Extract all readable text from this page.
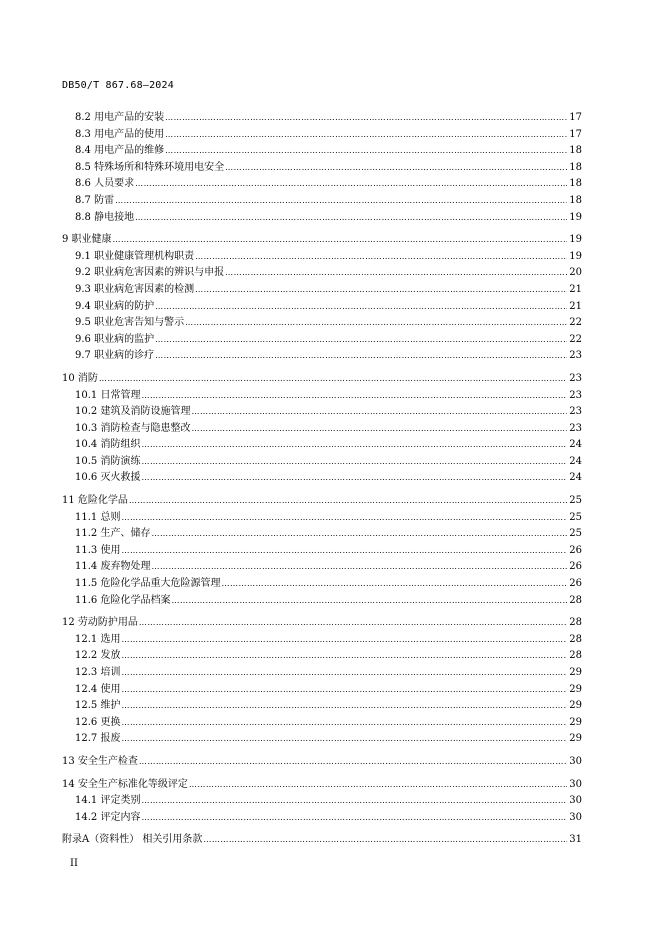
DB50/T 867.68—2024
8.2 用电产品的安装 …………………………………………………………………………………………………………………………………………………………………………………………………………………………………………………………………	17
8.3 用电产品的使用 …………………………………………………………………………………………………………………………………………………………………………………………………………………………………………………………………	17
8.4 用电产品的维修 …………………………………………………………………………………………………………………………………………………………………………………………………………………………………………………………………	18
8.5 特殊场所和特殊环境用电安全 …………………………………………………………………………………………………………………………………………………………………………………………………………………………………………………………………	18
8.6 人员要求 …………………………………………………………………………………………………………………………………………………………………………………………………………………………………………………………………	18
8.7 防雷 …………………………………………………………………………………………………………………………………………………………………………………………………………………………………………………………………	18
8.8 静电接地 …………………………………………………………………………………………………………………………………………………………………………………………………………………………………………………………………	19
9 职业健康 …………………………………………………………………………………………………………………………………………………………………………………………………………………………………………………………………	19
9.1 职业健康管理机构职责 …………………………………………………………………………………………………………………………………………………………………………………………………………………………………………………………………	19
9.2 职业病危害因素的辨识与申报 …………………………………………………………………………………………………………………………………………………………………………………………………………………………………………………………………	20
9.3 职业病危害因素的检测 …………………………………………………………………………………………………………………………………………………………………………………………………………………………………………………………………	21
9.4 职业病的防护 …………………………………………………………………………………………………………………………………………………………………………………………………………………………………………………………………	21
9.5 职业危害告知与警示 …………………………………………………………………………………………………………………………………………………………………………………………………………………………………………………………………	22
9.6 职业病的监护 …………………………………………………………………………………………………………………………………………………………………………………………………………………………………………………………………	22
9.7 职业病的诊疗 …………………………………………………………………………………………………………………………………………………………………………………………………………………………………………………………………	23
10 消防 …………………………………………………………………………………………………………………………………………………………………………………………………………………………………………………………………	23
10.1 日常管理 …………………………………………………………………………………………………………………………………………………………………………………………………………………………………………………………………	23
10.2 建筑及消防设施管理 …………………………………………………………………………………………………………………………………………………………………………………………………………………………………………………………………	23
10.3 消防检查与隐患整改 …………………………………………………………………………………………………………………………………………………………………………………………………………………………………………………………………	23
10.4 消防组织 …………………………………………………………………………………………………………………………………………………………………………………………………………………………………………………………………	24
10.5 消防演练 …………………………………………………………………………………………………………………………………………………………………………………………………………………………………………………………………	24
10.6 灭火救援 …………………………………………………………………………………………………………………………………………………………………………………………………………………………………………………………………	24
11 危险化学品 …………………………………………………………………………………………………………………………………………………………………………………………………………………………………………………………………	25
11.1 总则 …………………………………………………………………………………………………………………………………………………………………………………………………………………………………………………………………	25
11.2 生产、储存 …………………………………………………………………………………………………………………………………………………………………………………………………………………………………………………………………	25
11.3 使用 …………………………………………………………………………………………………………………………………………………………………………………………………………………………………………………………………	26
11.4 废弃物处理 …………………………………………………………………………………………………………………………………………………………………………………………………………………………………………………………………	26
11.5 危险化学品重大危险源管理 …………………………………………………………………………………………………………………………………………………………………………………………………………………………………………………………………	26
11.6 危险化学品档案 …………………………………………………………………………………………………………………………………………………………………………………………………………………………………………………………………	28
12 劳动防护用品 …………………………………………………………………………………………………………………………………………………………………………………………………………………………………………………………………	28
12.1 选用 …………………………………………………………………………………………………………………………………………………………………………………………………………………………………………………………………	28
12.2 发放 …………………………………………………………………………………………………………………………………………………………………………………………………………………………………………………………………	28
12.3 培训 …………………………………………………………………………………………………………………………………………………………………………………………………………………………………………………………………	29
12.4 使用 …………………………………………………………………………………………………………………………………………………………………………………………………………………………………………………………………	29
12.5 维护 …………………………………………………………………………………………………………………………………………………………………………………………………………………………………………………………………	29
12.6 更换 …………………………………………………………………………………………………………………………………………………………………………………………………………………………………………………………………	29
12.7 报废 …………………………………………………………………………………………………………………………………………………………………………………………………………………………………………………………………	29
13 安全生产检查 …………………………………………………………………………………………………………………………………………………………………………………………………………………………………………………………………	30
14 安全生产标准化等级评定 …………………………………………………………………………………………………………………………………………………………………………………………………………………………………………………………………	30
14.1 评定类别 …………………………………………………………………………………………………………………………………………………………………………………………………………………………………………………………………	30
14.2 评定内容 …………………………………………………………………………………………………………………………………………………………………………………………………………………………………………………………………	30
附录A（资料性） 相关引用条款 …………………………………………………………………………………………………………………………………………………………………………………………………………………………………………………………………	31
II
